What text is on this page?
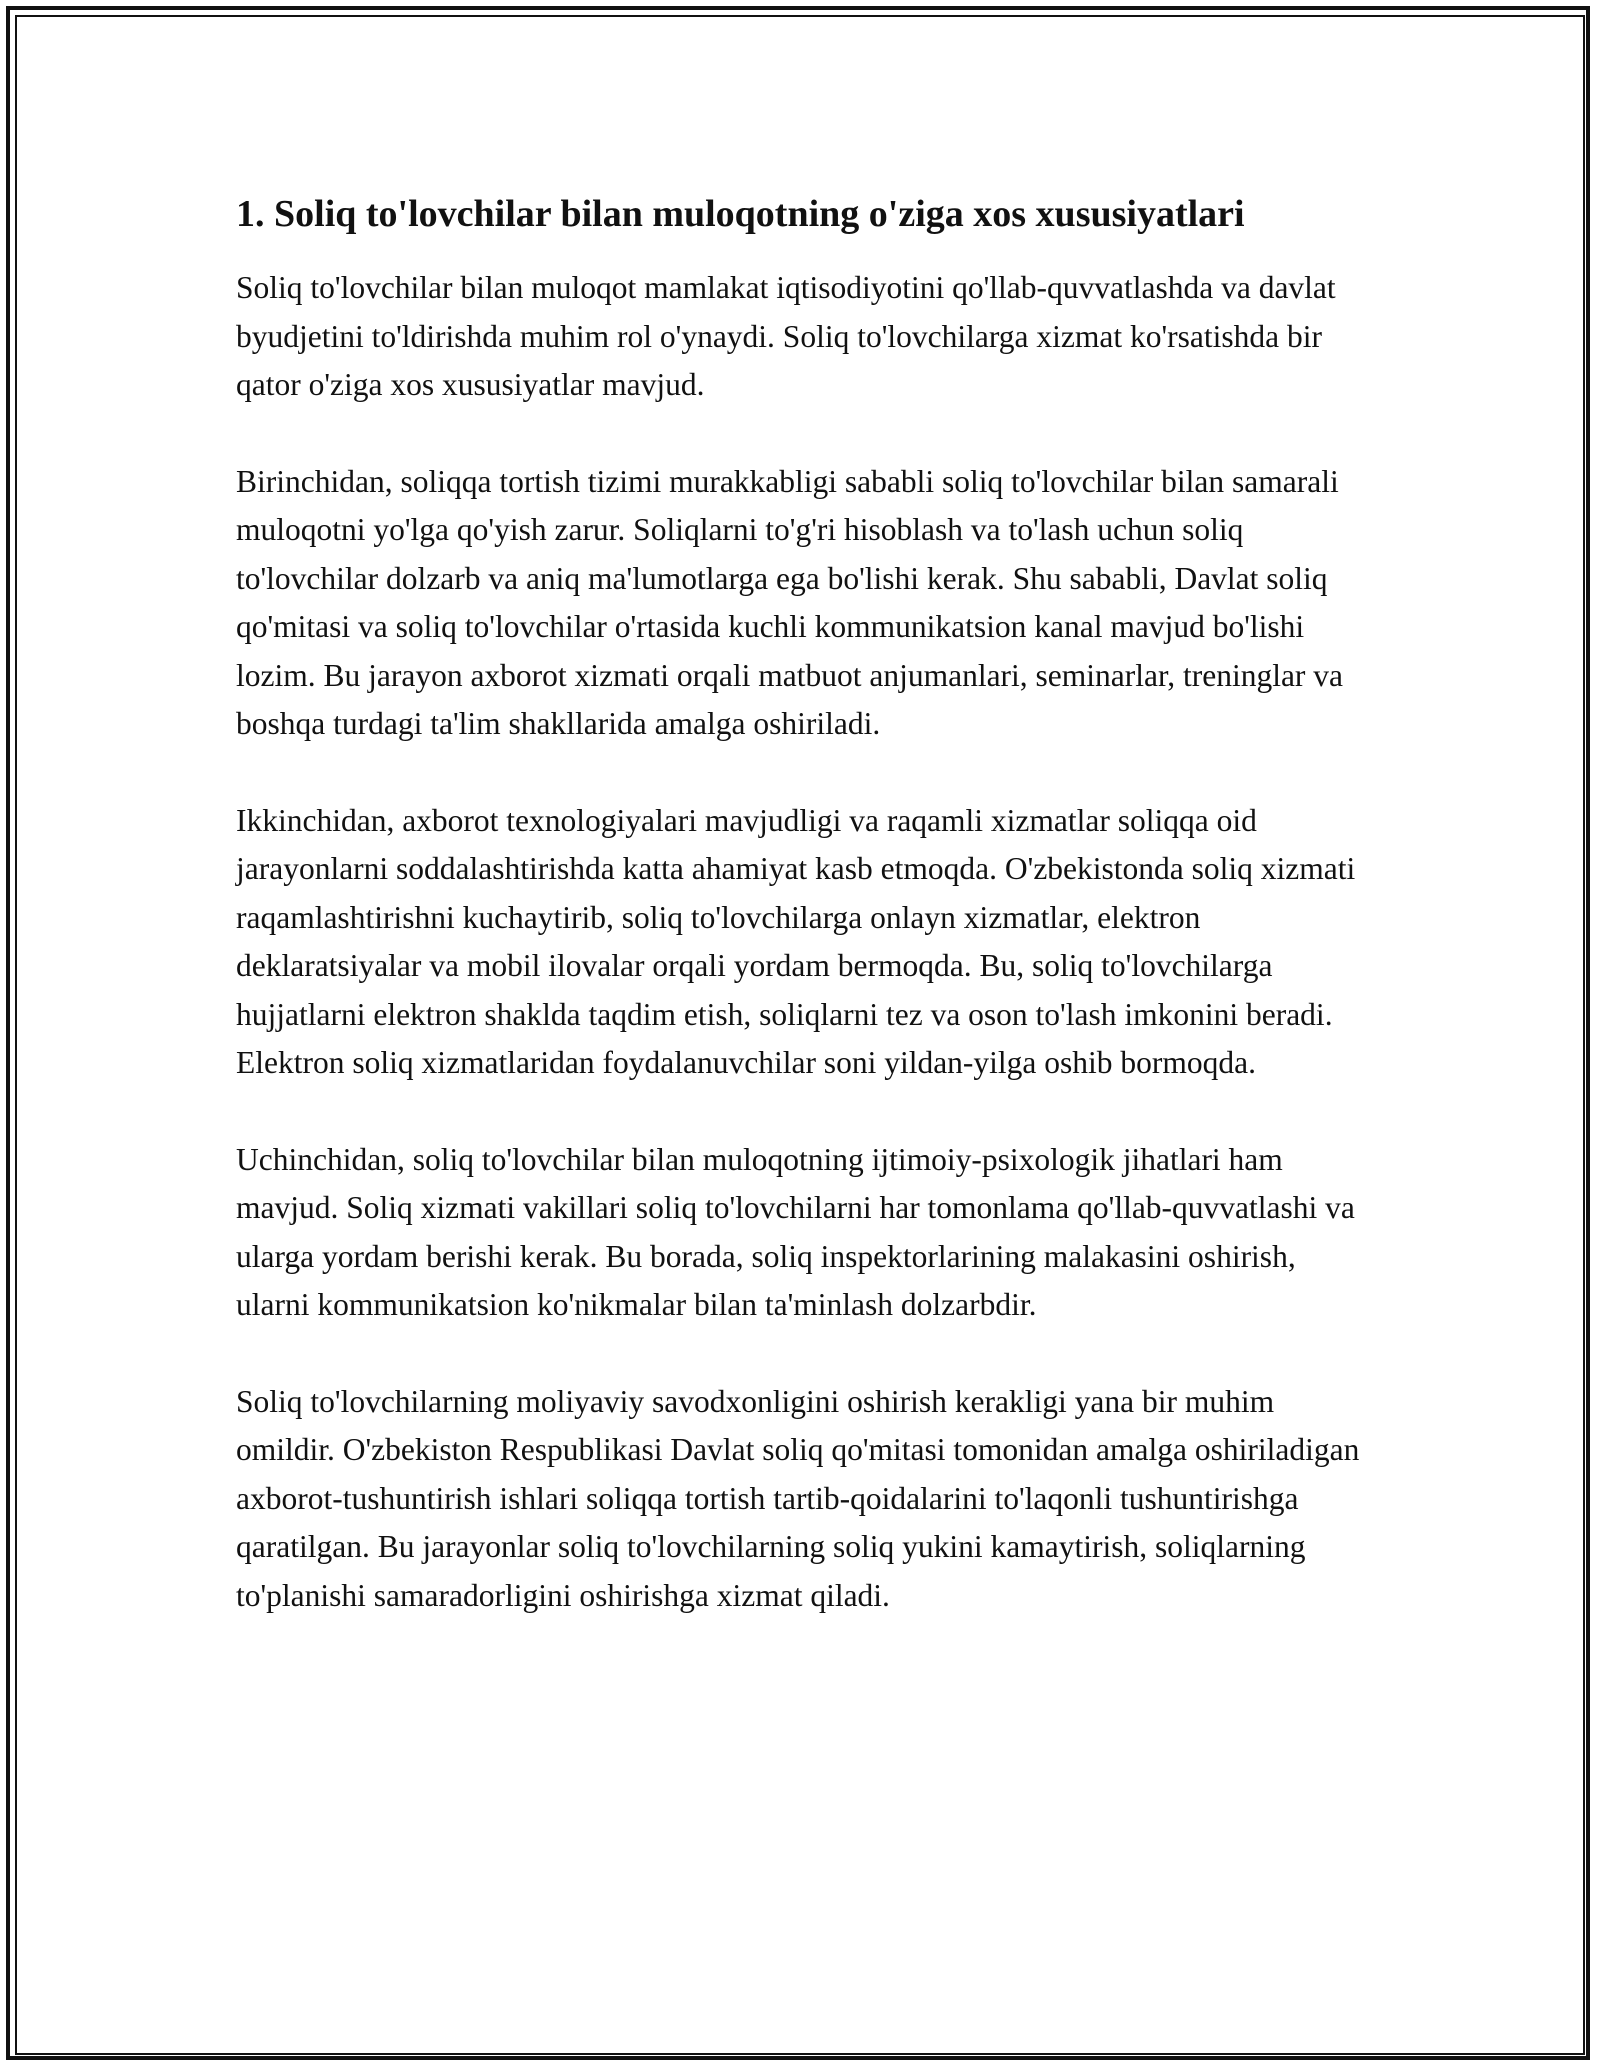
1. Soliq to'lovchilar bilan muloqotning o'ziga xos xususiyatlari

Soliq to'lovchilar bilan muloqot mamlakat iqtisodiyotini qo'llab-quvvatlashda va davlat byudjetini to'ldirishda muhim rol o'ynaydi. Soliq to'lovchilarga xizmat ko'rsatishda bir qator o'ziga xos xususiyatlar mavjud.

Birinchidan, soliqqa tortish tizimi murakkabligi sababli soliq to'lovchilar bilan samarali muloqotni yo'lga qo'yish zarur. Soliqlarni to'g'ri hisoblash va to'lash uchun soliq to'lovchilar dolzarb va aniq ma'lumotlarga ega bo'lishi kerak. Shu sababli, Davlat soliq qo'mitasi va soliq to'lovchilar o'rtasida kuchli kommunikatsion kanal mavjud bo'lishi lozim. Bu jarayon axborot xizmati orqali matbuot anjumanlari, seminarlar, treninglar va boshqa turdagi ta'lim shakllarida amalga oshiriladi.

Ikkinchidan, axborot texnologiyalari mavjudligi va raqamli xizmatlar soliqqa oid jarayonlarni soddalashtirishda katta ahamiyat kasb etmoqda. O'zbekistonda soliq xizmati raqamlashtirishni kuchaytirib, soliq to'lovchilarga onlayn xizmatlar, elektron deklaratsiyalar va mobil ilovalar orqali yordam bermoqda. Bu, soliq to'lovchilarga hujjatlarni elektron shaklda taqdim etish, soliqlarni tez va oson to'lash imkonini beradi. Elektron soliq xizmatlaridan foydalanuvchilar soni yildan-yilga oshib bormoqda.

Uchinchidan, soliq to'lovchilar bilan muloqotning ijtimoiy-psixologik jihatlari ham mavjud. Soliq xizmati vakillari soliq to'lovchilarni har tomonlama qo'llab-quvvatlashi va ularga yordam berishi kerak. Bu borada, soliq inspektorlarining malakasini oshirish, ularni kommunikatsion ko'nikmalar bilan ta'minlash dolzarbdir.

Soliq to'lovchilarning moliyaviy savodxonligini oshirish kerakligi yana bir muhim omildir. O'zbekiston Respublikasi Davlat soliq qo'mitasi tomonidan amalga oshiriladigan axborot-tushuntirish ishlari soliqqa tortish tartib-qoidalarini to'laqonli tushuntirishga qaratilgan. Bu jarayonlar soliq to'lovchilarning soliq yukini kamaytirish, soliqlarning to'planishi samaradorligini oshirishga xizmat qiladi.
